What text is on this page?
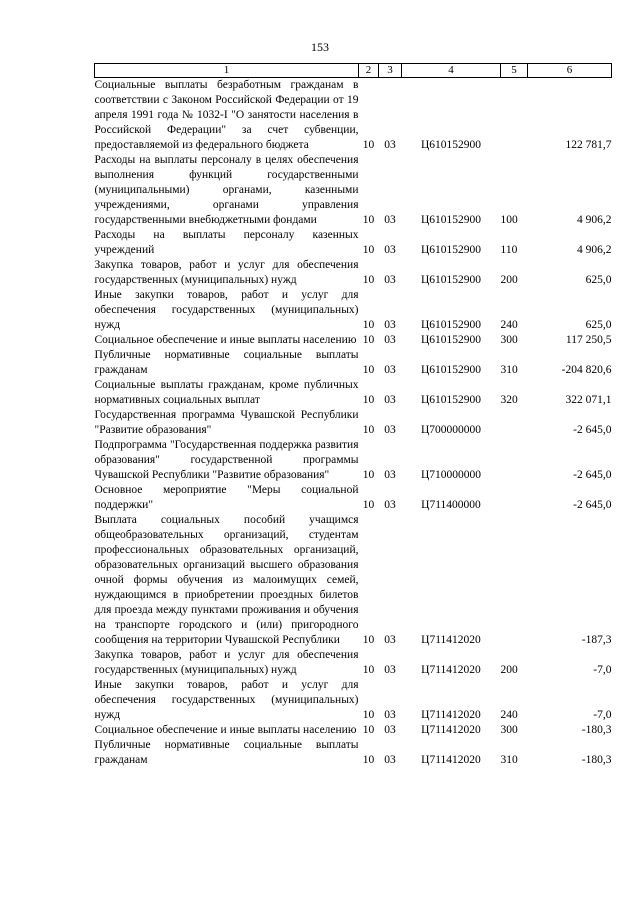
153
1	2	3	4	5	6
Социальные выплаты безработным гражданам в соответствии с Законом Российской Федерации от 19 апреля 1991 года № 1032-I "О занятости населения в Российской Федерации" за счет субвенции, предоставляемой из федерального бюджета	10	03	Ц610152900		122 781,7
Расходы на выплаты персоналу в целях обеспечения выполнения функций государственными (муниципальными) органами, казенными учреждениями, органами управления государственными внебюджетными фондами	10	03	Ц610152900	100	4 906,2
Расходы на выплаты персоналу казенных учреждений	10	03	Ц610152900	110	4 906,2
Закупка товаров, работ и услуг для обеспечения государственных (муниципальных) нужд	10	03	Ц610152900	200	625,0
Иные закупки товаров, работ и услуг для обеспечения государственных (муниципальных) нужд	10	03	Ц610152900	240	625,0
Социальное обеспечение и иные выплаты населению	10	03	Ц610152900	300	117 250,5
Публичные нормативные социальные выплаты гражданам	10	03	Ц610152900	310	-204 820,6
Социальные выплаты гражданам, кроме публичных нормативных социальных выплат	10	03	Ц610152900	320	322 071,1
Государственная программа Чувашской Республики "Развитие образования"	10	03	Ц700000000		-2 645,0
Подпрограмма "Государственная поддержка развития образования" государственной программы Чувашской Республики "Развитие образования"	10	03	Ц710000000		-2 645,0
Основное мероприятие "Меры социальной поддержки"	10	03	Ц711400000		-2 645,0
Выплата социальных пособий учащимся общеобразовательных организаций, студентам профессиональных образовательных организаций, образовательных организаций высшего образования очной формы обучения из малоимущих семей, нуждающимся в приобретении проездных билетов для проезда между пунктами проживания и обучения на транспорте городского и (или) пригородного сообщения на территории Чувашской Республики	10	03	Ц711412020		-187,3
Закупка товаров, работ и услуг для обеспечения государственных (муниципальных) нужд	10	03	Ц711412020	200	-7,0
Иные закупки товаров, работ и услуг для обеспечения государственных (муниципальных) нужд	10	03	Ц711412020	240	-7,0
Социальное обеспечение и иные выплаты населению	10	03	Ц711412020	300	-180,3
Публичные нормативные социальные выплаты гражданам	10	03	Ц711412020	310	-180,3
